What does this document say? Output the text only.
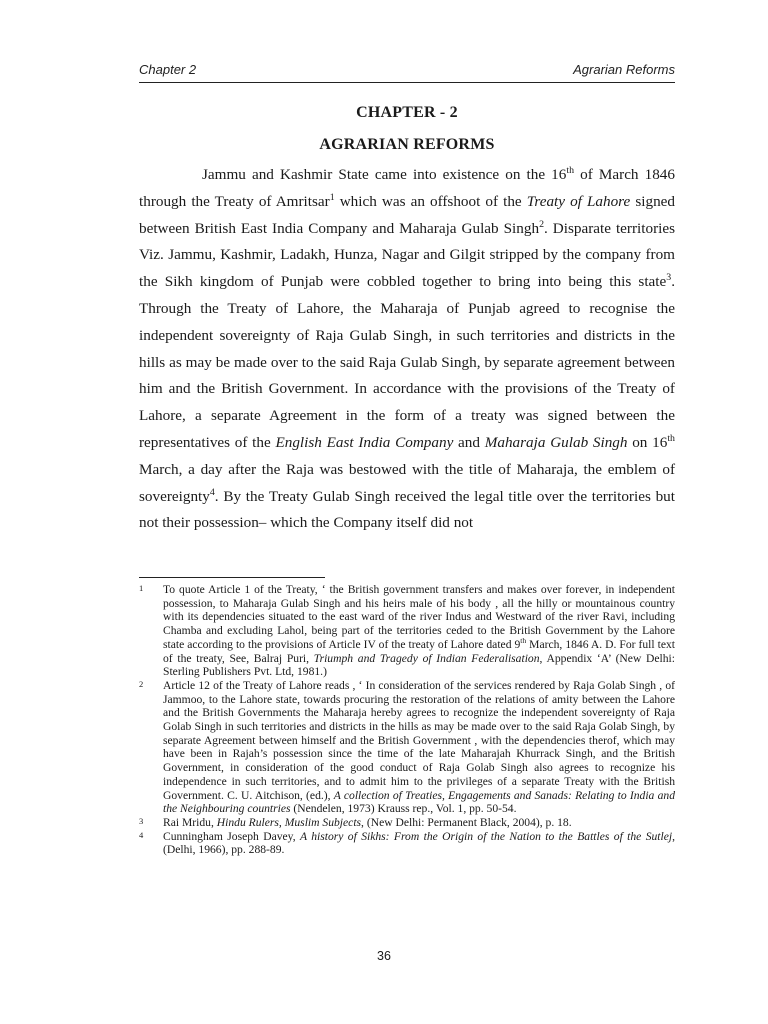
Chapter 2	Agrarian Reforms
CHAPTER - 2
AGRARIAN REFORMS

Jammu and Kashmir State came into existence on the 16th of March 1846 through the Treaty of Amritsar$^1$ which was an offshoot of the Treaty of Lahore signed between British East India Company and Maharaja Gulab Singh$^2$. Disparate territories Viz. Jammu, Kashmir, Ladakh, Hunza, Nagar and Gilgit stripped by the company from the Sikh kingdom of Punjab were cobbled together to bring into being this state$^3$. Through the Treaty of Lahore, the Maharaja of Punjab agreed to recognise the independent sovereignty of Raja Gulab Singh, in such territories and districts in the hills as may be made over to the said Raja Gulab Singh, by separate agreement between him and the British Government. In accordance with the provisions of the Treaty of Lahore, a separate Agreement in the form of a treaty was signed between the representatives of the English East India Company and Maharaja Gulab Singh on 16th March, a day after the Raja was bestowed with the title of Maharaja, the emblem of sovereignty$^4$. By the Treaty Gulab Singh received the legal title over the territories but not their possession– which the Company itself did not

1 To quote Article 1 of the Treaty, ‘ the British government transfers and makes over forever, in independent possession, to Maharaja Gulab Singh and his heirs male of his body , all the hilly or mountainous country with its dependencies situated to the east ward of the river Indus and Westward of the river Ravi, including Chamba and excluding Lahol, being part of the territories ceded to the British Government by the Lahore state according to the provisions of Article IV of the treaty of Lahore dated 9th March, 1846 A. D. For full text of the treaty, See, Balraj Puri, Triumph and Tragedy of Indian Federalisation, Appendix ‘A’ (New Delhi: Sterling Publishers Pvt. Ltd, 1981.)

2 Article 12 of the Treaty of Lahore reads , ‘ In consideration of the services rendered by Raja Golab Singh , of Jammoo, to the Lahore state, towards procuring the restoration of the relations of amity between the Lahore and the British Governments the Maharaja hereby agrees to recognize the independent sovereignty of Raja Golab Singh in such territories and districts in the hills as may be made over to the said Raja Golab Singh, by separate Agreement between himself and the British Government , with the dependencies therof, which may have been in Rajah’s possession since the time of the late Maharajah Khurrack Singh, and the British Government, in consideration of the good conduct of Raja Golab Singh also agrees to recognize his independence in such territories, and to admit him to the privileges of a separate Treaty with the British Government. C. U. Aitchison, (ed.), A collection of Treaties, Engagements and Sanads: Relating to India and the Neighbouring countries (Nendelen, 1973) Krauss rep., Vol. 1, pp. 50-54.

3 Rai Mridu, Hindu Rulers, Muslim Subjects, (New Delhi: Permanent Black, 2004), p. 18.

4 Cunningham Joseph Davey, A history of Sikhs: From the Origin of the Nation to the Battles of the Sutlej, (Delhi, 1966), pp. 288-89.

36
